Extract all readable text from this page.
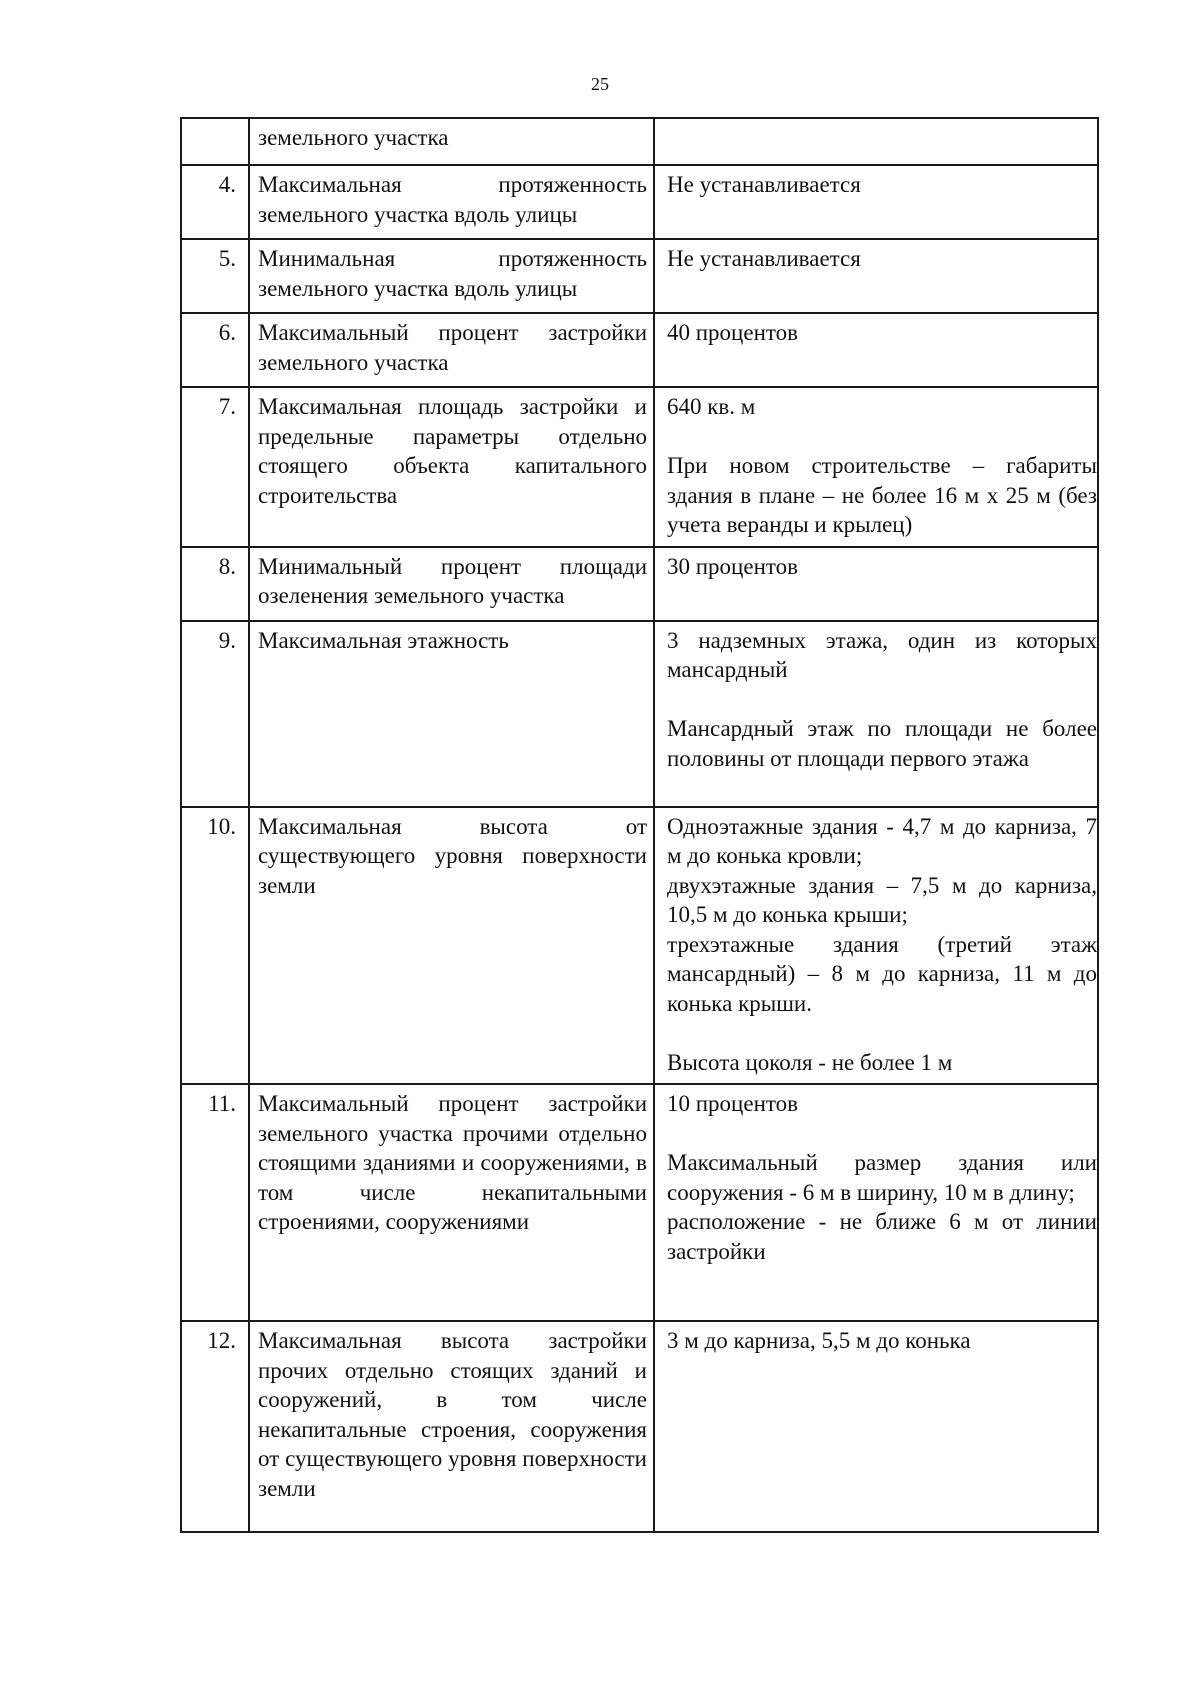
25
	земельного участка	
4.	Максимальная протяженность земельного участка вдоль улицы	Не устанавливается

5.	Минимальная протяженность земельного участка вдоль улицы	Не устанавливается

6.	Максимальный процент застройки земельного участка	40 процентов

7.	Максимальная площадь застройки и предельные параметры отдельно стоящего объекта капитального строительства	640 кв. м

При новом строительстве – габариты здания в плане – не более 16 м х 25 м (без учета веранды и крылец)

8.	Минимальный процент площади озеленения земельного участка	30 процентов

9.	Максимальная этажность	3 надземных этажа, один из которых мансардный

Мансардный этаж по площади не более половины от площади первого этажа

10.	Максимальная высота от существующего уровня поверхности земли	Одноэтажные здания - 4,7 м до карниза, 7 м до конька кровли;
двухэтажные здания – 7,5 м до карниза, 10,5 м до конька крыши;
трехэтажные здания (третий этаж мансардный) – 8 м до карниза, 11 м до конька крыши.

Высота цоколя - не более 1 м

11.	Максимальный процент застройки земельного участка прочими отдельно стоящими зданиями и сооружениями, в том числе некапитальными строениями, сооружениями	10 процентов

Максимальный размер здания или сооружения - 6 м в ширину, 10 м в длину;
расположение - не ближе 6 м от линии застройки

12.	Максимальная высота застройки прочих отдельно стоящих зданий и сооружений, в том числе некапитальные строения, сооружения от существующего уровня поверхности земли	3 м до карниза, 5,5 м до конька
